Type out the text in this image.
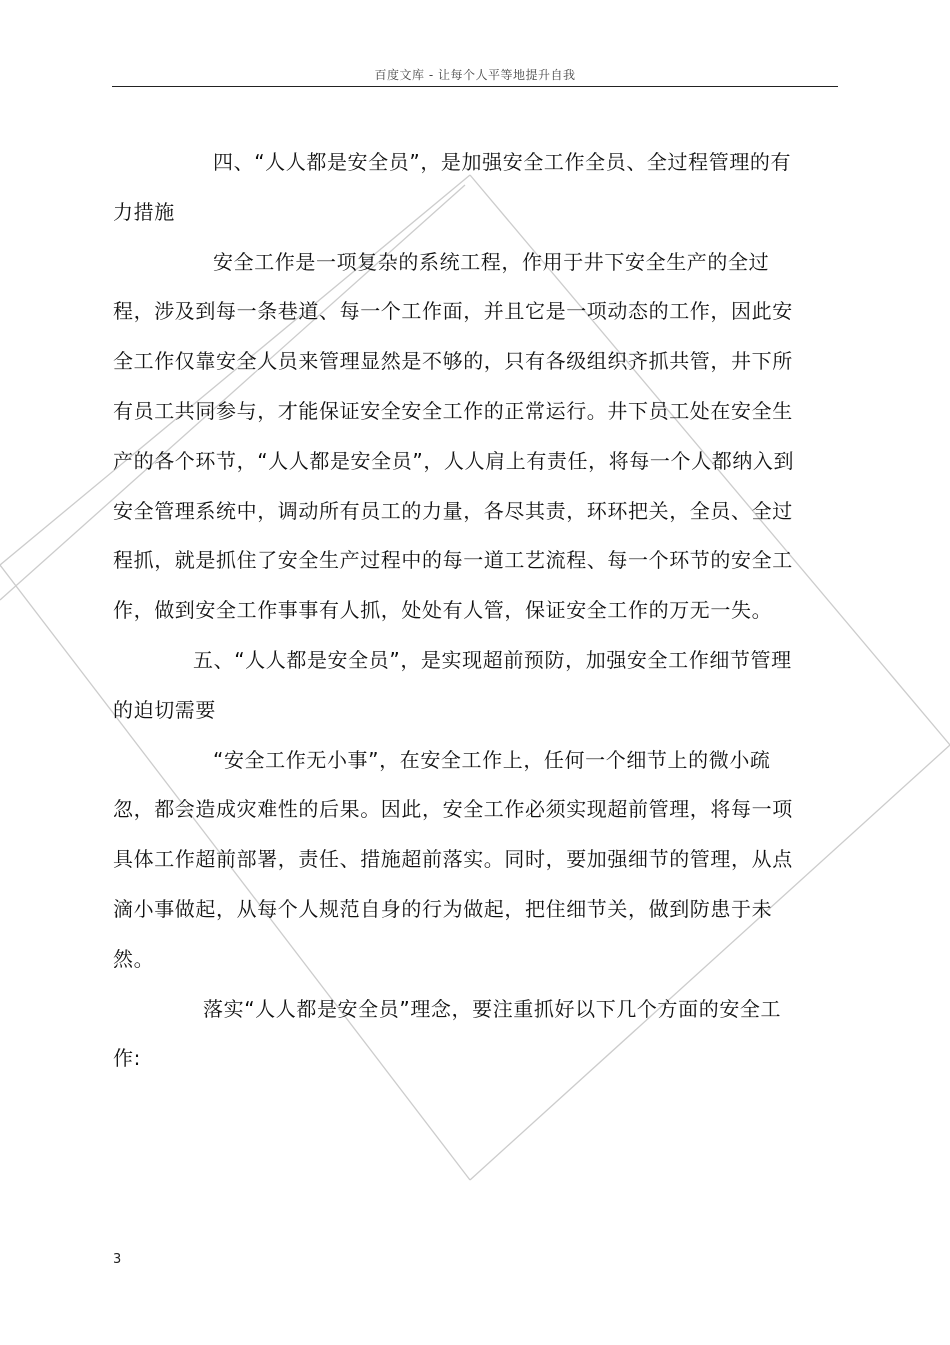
百度文库 - 让每个人平等地提升自我

四、“人人都是安全员”，是加强安全工作全员、全过程管理的有力措施

安全工作是一项复杂的系统工程，作用于井下安全生产的全过程，涉及到每一条巷道、每一个工作面，并且它是一项动态的工作，因此安全工作仅靠安全人员来管理显然是不够的，只有各级组织齐抓共管，井下所有员工共同参与，才能保证安全安全工作的正常运行。井下员工处在安全生产的各个环节，“人人都是安全员”，人人肩上有责任，将每一个人都纳入到安全管理系统中，调动所有员工的力量，各尽其责，环环把关，全员、全过程抓，就是抓住了安全生产过程中的每一道工艺流程、每一个环节的安全工作，做到安全工作事事有人抓，处处有人管，保证安全工作的万无一失。

五、“人人都是安全员”，是实现超前预防，加强安全工作细节管理的迫切需要

“安全工作无小事”，在安全工作上，任何一个细节上的微小疏忽，都会造成灾难性的后果。因此，安全工作必须实现超前管理，将每一项具体工作超前部署，责任、措施超前落实。同时，要加强细节的管理，从点滴小事做起，从每个人规范自身的行为做起，把住细节关，做到防患于未然。

落实“人人都是安全员”理念，要注重抓好以下几个方面的安全工作:

3
